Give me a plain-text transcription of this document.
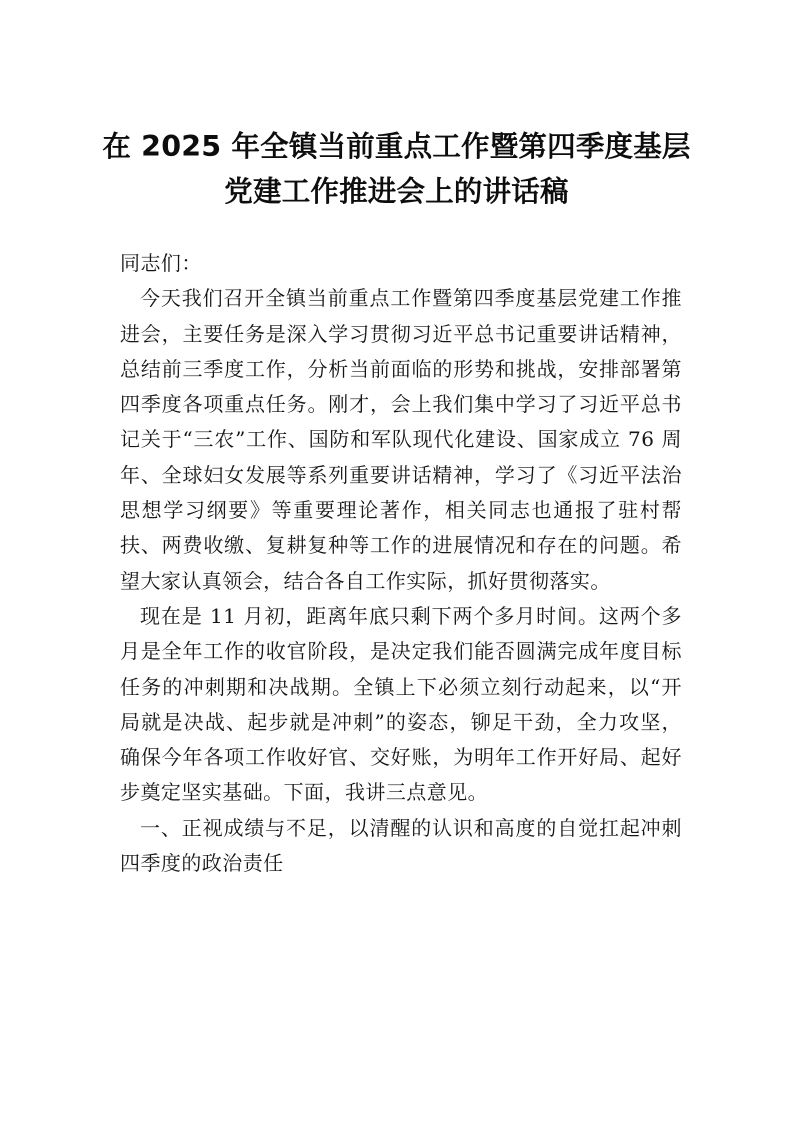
在 2025 年全镇当前重点工作暨第四季度基层党建工作推进会上的讲话稿

同志们：

今天我们召开全镇当前重点工作暨第四季度基层党建工作推进会，主要任务是深入学习贯彻习近平总书记重要讲话精神，总结前三季度工作，分析当前面临的形势和挑战，安排部署第四季度各项重点任务。刚才，会上我们集中学习了习近平总书记关于“三农”工作、国防和军队现代化建设、国家成立 76 周年、全球妇女发展等系列重要讲话精神，学习了《习近平法治思想学习纲要》等重要理论著作，相关同志也通报了驻村帮扶、两费收缴、复耕复种等工作的进展情况和存在的问题。希望大家认真领会，结合各自工作实际，抓好贯彻落实。

现在是 11 月初，距离年底只剩下两个多月时间。这两个多月是全年工作的收官阶段，是决定我们能否圆满完成年度目标任务的冲刺期和决战期。全镇上下必须立刻行动起来，以“开局就是决战、起步就是冲刺”的姿态，铆足干劲，全力攻坚，确保今年各项工作收好官、交好账，为明年工作开好局、起好步奠定坚实基础。下面，我讲三点意见。

一、正视成绩与不足，以清醒的认识和高度的自觉扛起冲刺四季度的政治责任
